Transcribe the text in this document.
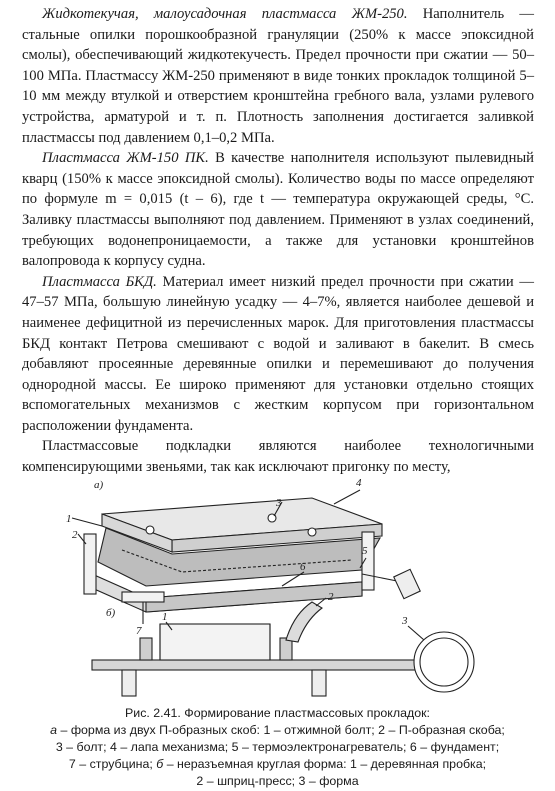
Жидкотекучая, малоусадочная пластмасса ЖМ-250. Наполнитель — стальные опилки порошкообразной грануляции (250% к массе эпоксидной смолы), обеспечивающий жидкотекучесть. Предел прочности при сжатии — 50–100 МПа. Пластмассу ЖМ-250 применяют в виде тонких прокладок толщиной 5–10 мм между втулкой и отверстием кронштейна гребного вала, узлами рулевого устройства, арматурой и т. п. Плотность заполнения достигается заливкой пластмассы под давлением 0,1–0,2 МПа.

Пластмасса ЖМ-150 ПК. В качестве наполнителя используют пылевидный кварц (150% к массе эпоксидной смолы). Количество воды по массе определяют по формуле m = 0,015 (t – 6), где t — температура окружающей среды, °С. Заливку пластмассы выполняют под давлением. Применяют в узлах соединений, требующих водонепроницаемости, а также для установки кронштейнов валопровода к корпусу судна.

Пластмасса БКД. Материал имеет низкий предел прочности при сжатии — 47–57 МПа, большую линейную усадку — 4–7%, является наиболее дешевой и наименее дефицитной из перечисленных марок. Для приготовления пластмассы БКД контакт Петрова смешивают с водой и заливают в бакелит. В смесь добавляют просеянные деревянные опилки и перемешивают до получения однородной массы. Ее широко применяют для установки отдельно стоящих вспомогательных механизмов с жестким корпусом при горизонтальном расположении фундамента.

Пластмассовые подкладки являются наиболее технологичными компенсирующими звеньями, так как исключают пригонку по месту,

а)
1
2
3
4
5
6
7
б)	1
2
3
Рис. 2.41. Формирование пластмассовых прокладок:
а – форма из двух П-образных скоб: 1 – отжимной болт; 2 – П-образная скоба;
3 – болт; 4 – лапа механизма; 5 – термоэлектронагреватель; 6 – фундамент;
7 – струбцина; б – неразъемная круглая форма: 1 – деревянная пробка;
2 – шприц-пресс; 3 – форма
